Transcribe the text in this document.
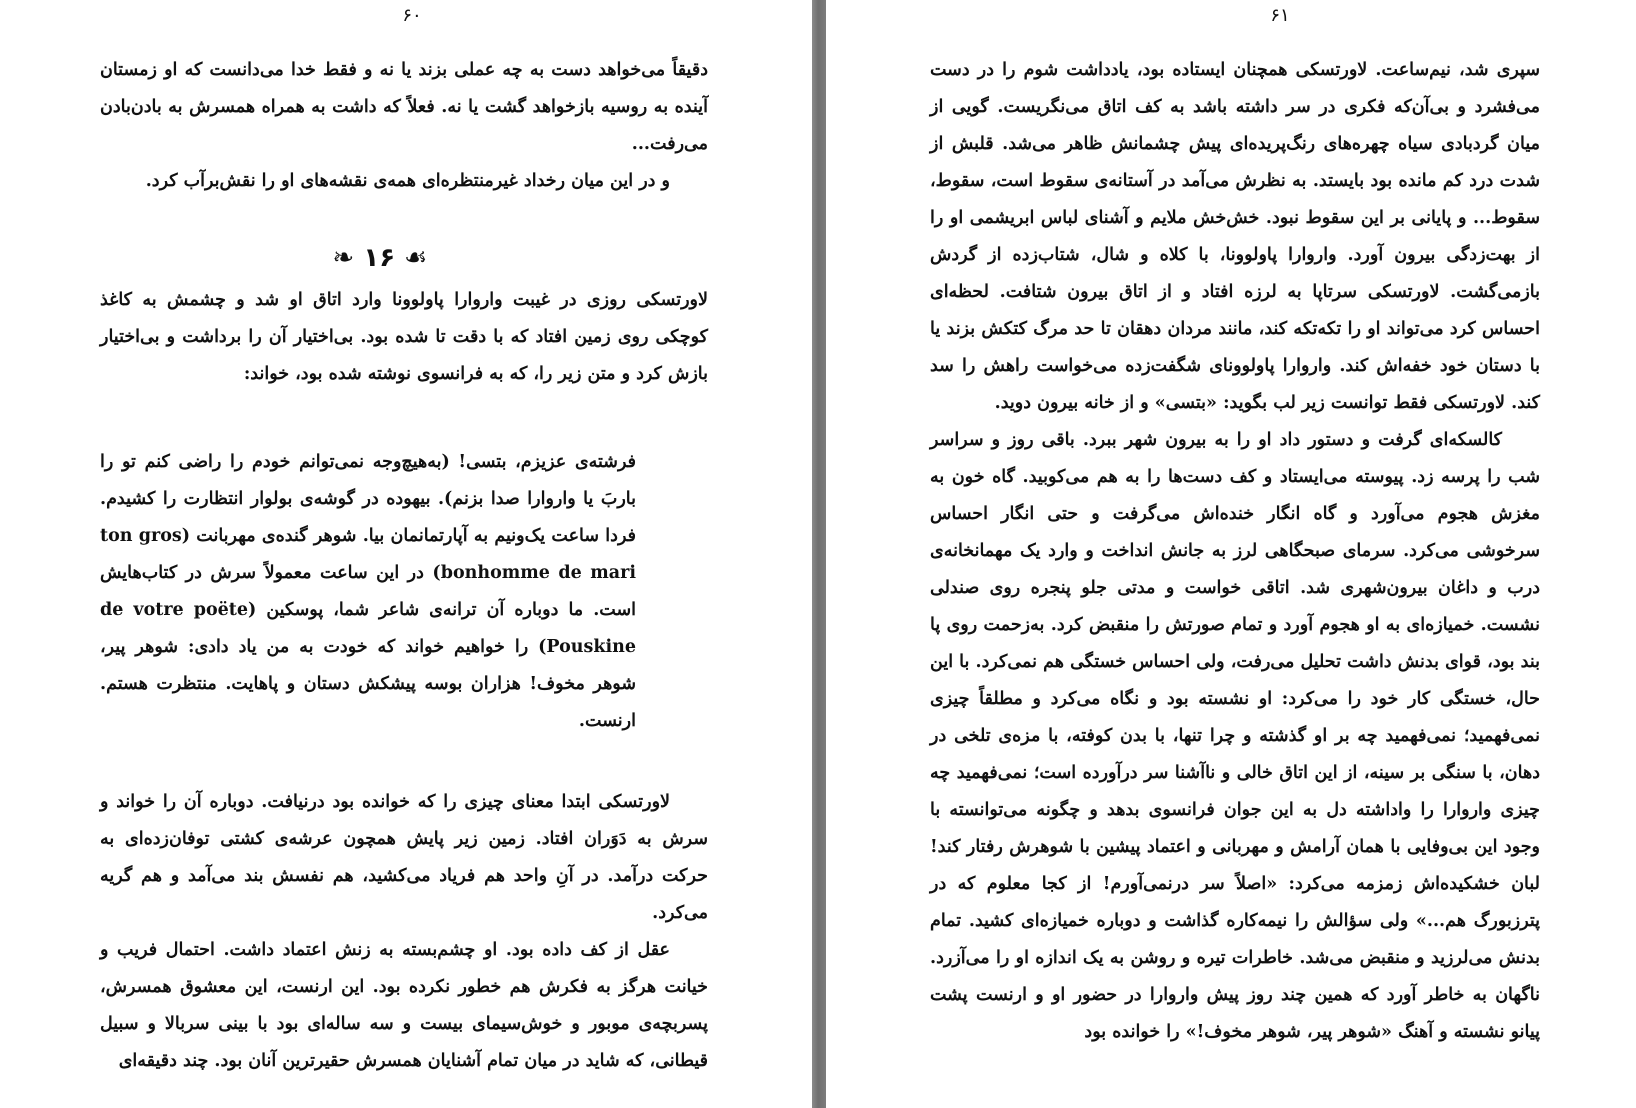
۶۰

دقیقاً می‌خواهد دست به چه عملی بزند یا نه و فقط خدا می‌دانست که او زمستان آینده به روسیه بازخواهد گشت یا نه. فعلاً که داشت به همراه همسرش به بادن‌بادن می‌رفت...

و در این میان رخداد غیرمنتظره‌ای همه‌ی نقشه‌های او را نقش‌برآب کرد.

☙ ۱۶ ❧

لاورتسکی روزی در غیبت واروارا پاولوونا وارد اتاق او شد و چشمش به کاغذ کوچکی روی زمین افتاد که با دقت تا شده بود. بی‌اختیار آن را برداشت و بی‌اختیار بازش کرد و متن زیر را، که به فرانسوی نوشته شده بود، خواند:

فرشته‌ی عزیزم، بتسی! (به‌هیچ‌وجه نمی‌توانم خودم را راضی کنم تو را باربَ یا واروارا صدا بزنم). بیهوده در گوشه‌ی بولوار انتظارت را کشیدم. فردا ساعت یک‌ونیم به آپارتمانمان بیا. شوهر گنده‌ی مهربانت (ton gros bonhomme de mari) در این ساعت معمولاً سرش در کتاب‌هایش است. ما دوباره آن ترانه‌ی شاعر شما، پوسکین (de votre poëte Pouskine) را خواهیم خواند که خودت به من یاد دادی: شوهر پیر، شوهر مخوف! هزاران بوسه پیشکش دستان و پاهایت. منتظرت هستم. ارنست.

لاورتسکی ابتدا معنای چیزی را که خوانده بود درنیافت. دوباره آن را خواند و سرش به دَوَران افتاد. زمین زیر پایش همچون عرشه‌ی کشتی توفان‌زده‌ای به حرکت درآمد. در آنِ واحد هم فریاد می‌کشید، هم نفسش بند می‌آمد و هم گریه می‌کرد.

عقل از کف داده بود. او چشم‌بسته به زنش اعتماد داشت. احتمال فریب و خیانت هرگز به فکرش هم خطور نکرده بود. این ارنست، این معشوق همسرش، پسربچه‌ی موبور و خوش‌سیمای بیست و سه ساله‌ای بود با بینی سربالا و سبیل قیطانی، که شاید در میان تمام آشنایان همسرش حقیرترین آنان بود. چند دقیقه‌ای

۶۱

سپری شد، نیم‌ساعت. لاورتسکی همچنان ایستاده بود، یادداشت شوم را در دست می‌فشرد و بی‌آن‌که فکری در سر داشته باشد به کف اتاق می‌نگریست. گویی از میان گردبادی سیاه چهره‌های رنگ‌پریده‌ای پیش چشمانش ظاهر می‌شد. قلبش از شدت درد کم مانده بود بایستد. به نظرش می‌آمد در آستانه‌ی سقوط است، سقوط، سقوط... و پایانی بر این سقوط نبود. خش‌خش ملایم و آشنای لباس ابریشمی او را از بهت‌زدگی بیرون آورد. واروارا پاولوونا، با کلاه و شال، شتاب‌زده از گردش بازمی‌گشت. لاورتسکی سرتاپا به لرزه افتاد و از اتاق بیرون شتافت. لحظه‌ای احساس کرد می‌تواند او را تکه‌تکه کند، مانند مردان دهقان تا حد مرگ کتکش بزند یا با دستان خود خفه‌اش کند. واروارا پاولوونای شگفت‌زده می‌خواست راهش را سد کند. لاورتسکی فقط توانست زیر لب بگوید: «بتسی» و از خانه بیرون دوید.

کالسکه‌ای گرفت و دستور داد او را به بیرون شهر ببرد. باقی روز و سراسر شب را پرسه زد. پیوسته می‌ایستاد و کف دست‌ها را به هم می‌کوبید. گاه خون به مغزش هجوم می‌آورد و گاه انگار خنده‌اش می‌گرفت و حتی انگار احساس سرخوشی می‌کرد. سرمای صبحگاهی لرز به جانش انداخت و وارد یک مهمانخانه‌ی درب و داغان بیرون‌شهری شد. اتاقی خواست و مدتی جلو پنجره روی صندلی نشست. خمیازه‌ای به او هجوم آورد و تمام صورتش را منقبض کرد. به‌زحمت روی پا بند بود، قوای بدنش داشت تحلیل می‌رفت، ولی احساس خستگی هم نمی‌کرد. با این حال، خستگی کار خود را می‌کرد: او نشسته بود و نگاه می‌کرد و مطلقاً چیزی نمی‌فهمید؛ نمی‌فهمید چه بر او گذشته و چرا تنها، با بدن کوفته، با مزه‌ی تلخی در دهان، با سنگی بر سینه، از این اتاق خالی و ناآشنا سر درآورده است؛ نمی‌فهمید چه چیزی واروارا را واداشته دل به این جوان فرانسوی بدهد و چگونه می‌توانسته با وجود این بی‌وفایی با همان آرامش و مهربانی و اعتماد پیشین با شوهرش رفتار کند! لبان خشکیده‌اش زمزمه می‌کرد: «اصلاً سر درنمی‌آورم! از کجا معلوم که در پترزبورگ هم...» ولی سؤالش را نیمه‌کاره گذاشت و دوباره خمیازه‌ای کشید. تمام بدنش می‌لرزید و منقبض می‌شد. خاطرات تیره و روشن به یک اندازه او را می‌آزرد. ناگهان به خاطر آورد که همین چند روز پیش واروارا در حضور او و ارنست پشت پیانو نشسته و آهنگ «شوهر پیر، شوهر مخوف!» را خوانده بود
